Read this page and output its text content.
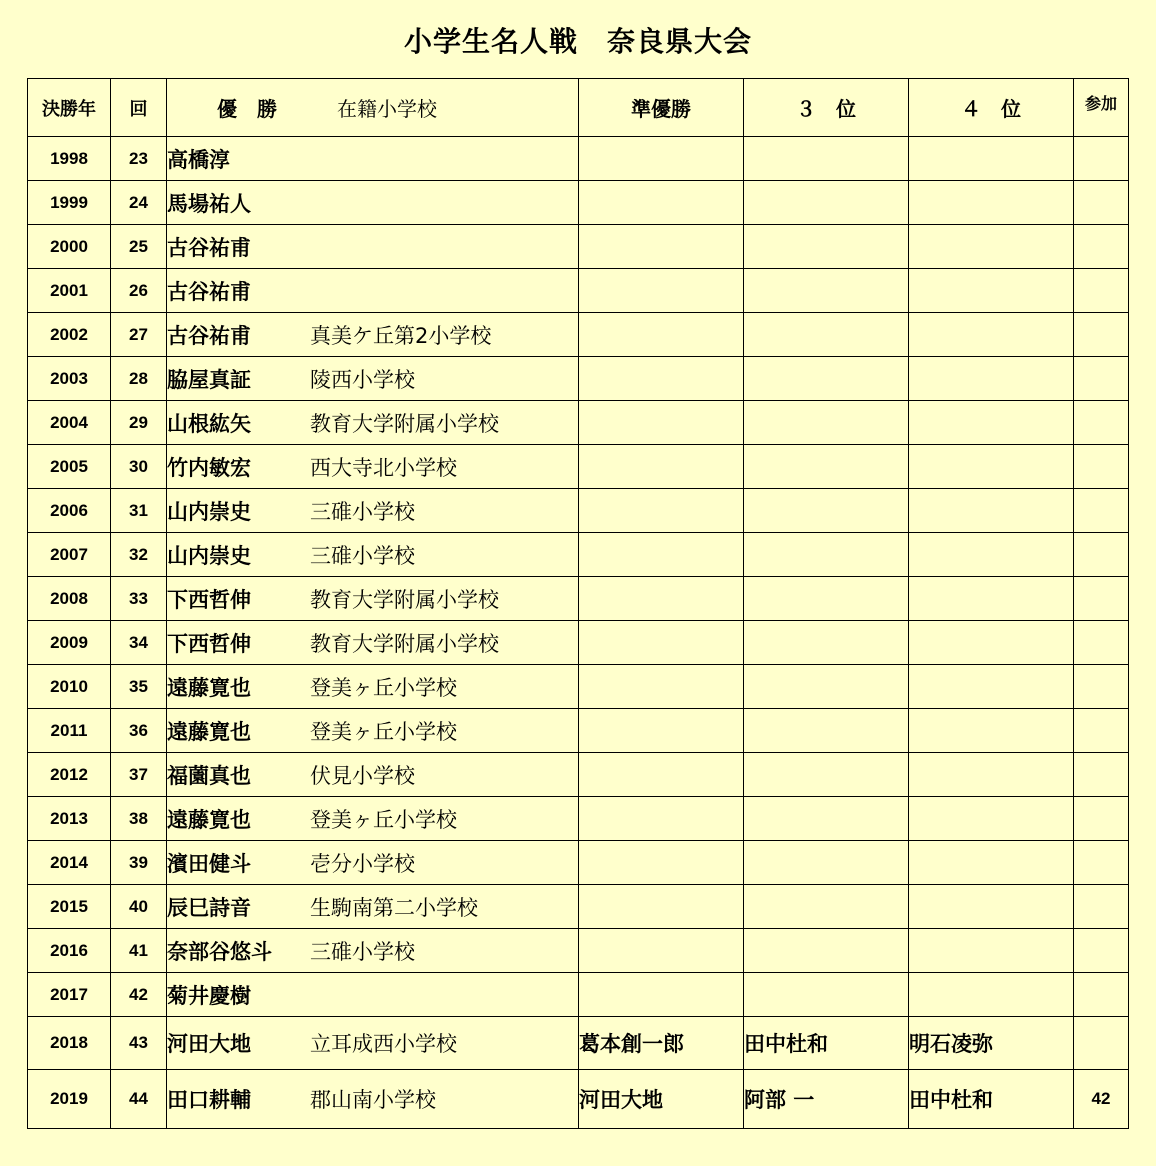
小学生名人戦　奈良県大会
決勝年	回	優　勝 在籍小学校	準優勝	３　位	４　位	参加
1998	23	高橋淳				
1999	24	馬場祐人				
2000	25	古谷祐甫				
2001	26	古谷祐甫				
2002	27	古谷祐甫 真美ケ丘第2小学校				
2003	28	脇屋真証 陵西小学校				
2004	29	山根紘矢 教育大学附属小学校				
2005	30	竹内敏宏 西大寺北小学校				
2006	31	山内崇史 三碓小学校				
2007	32	山内崇史 三碓小学校				
2008	33	下西哲伸 教育大学附属小学校				
2009	34	下西哲伸 教育大学附属小学校				
2010	35	遠藤寛也 登美ヶ丘小学校				
2011	36	遠藤寛也 登美ヶ丘小学校				
2012	37	福薗真也 伏見小学校				
2013	38	遠藤寛也 登美ヶ丘小学校				
2014	39	濱田健斗 壱分小学校				
2015	40	辰巳詩音 生駒南第二小学校				
2016	41	奈部谷悠斗 三碓小学校				
2017	42	菊井慶樹				
2018	43	河田大地 立耳成西小学校	葛本創一郎	田中杜和	明石凌弥	
2019	44	田口耕輔 郡山南小学校	河田大地	阿部 一	田中杜和	42
